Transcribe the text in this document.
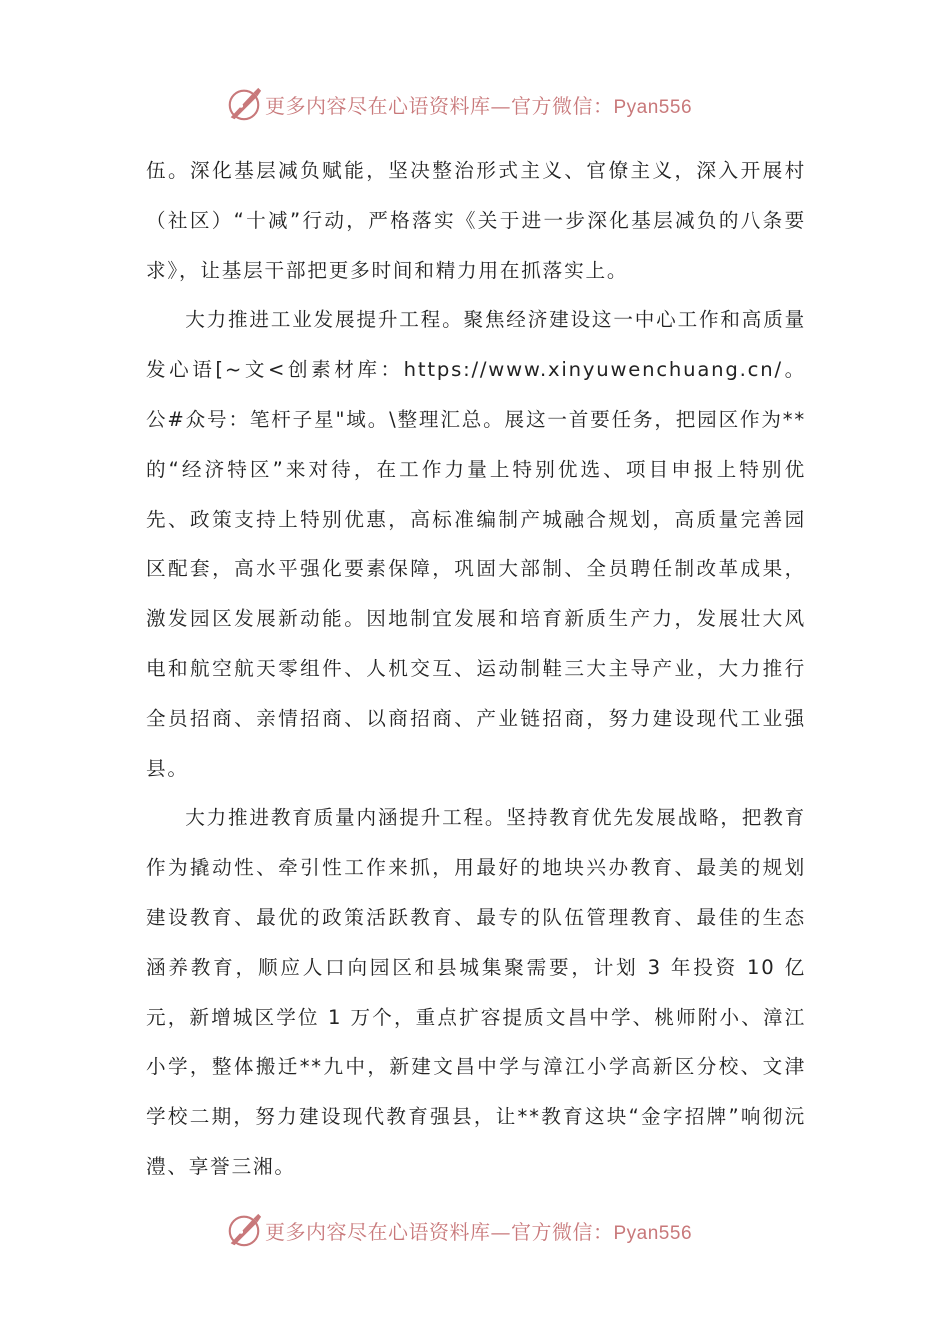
更多内容尽在心语资料库—官方微信：Pyan556

伍。深化基层减负赋能，坚决整治形式主义、官僚主义，深入开展村（社区）“十减”行动，严格落实《关于进一步深化基层减负的八条要求》，让基层干部把更多时间和精力用在抓落实上。

大力推进工业发展提升工程。聚焦经济建设这一中心工作和高质量发心语[~文<创素材库：https://www.xinyuwenchuang.cn/。公#众号：笔杆子星"域。\整理汇总。展这一首要任务，把园区作为**的“经济特区”来对待，在工作力量上特别优选、项目申报上特别优先、政策支持上特别优惠，高标准编制产城融合规划，高质量完善园区配套，高水平强化要素保障，巩固大部制、全员聘任制改革成果，激发园区发展新动能。因地制宜发展和培育新质生产力，发展壮大风电和航空航天零组件、人机交互、运动制鞋三大主导产业，大力推行全员招商、亲情招商、以商招商、产业链招商，努力建设现代工业强县。

大力推进教育质量内涵提升工程。坚持教育优先发展战略，把教育作为撬动性、牵引性工作来抓，用最好的地块兴办教育、最美的规划建设教育、最优的政策活跃教育、最专的队伍管理教育、最佳的生态涵养教育，顺应人口向园区和县城集聚需要，计划 3 年投资 10 亿元，新增城区学位 1 万个，重点扩容提质文昌中学、桃师附小、漳江小学，整体搬迁**九中，新建文昌中学与漳江小学高新区分校、文津学校二期，努力建设现代教育强县，让**教育这块“金字招牌”响彻沅澧、享誉三湘。

更多内容尽在心语资料库—官方微信：Pyan556
